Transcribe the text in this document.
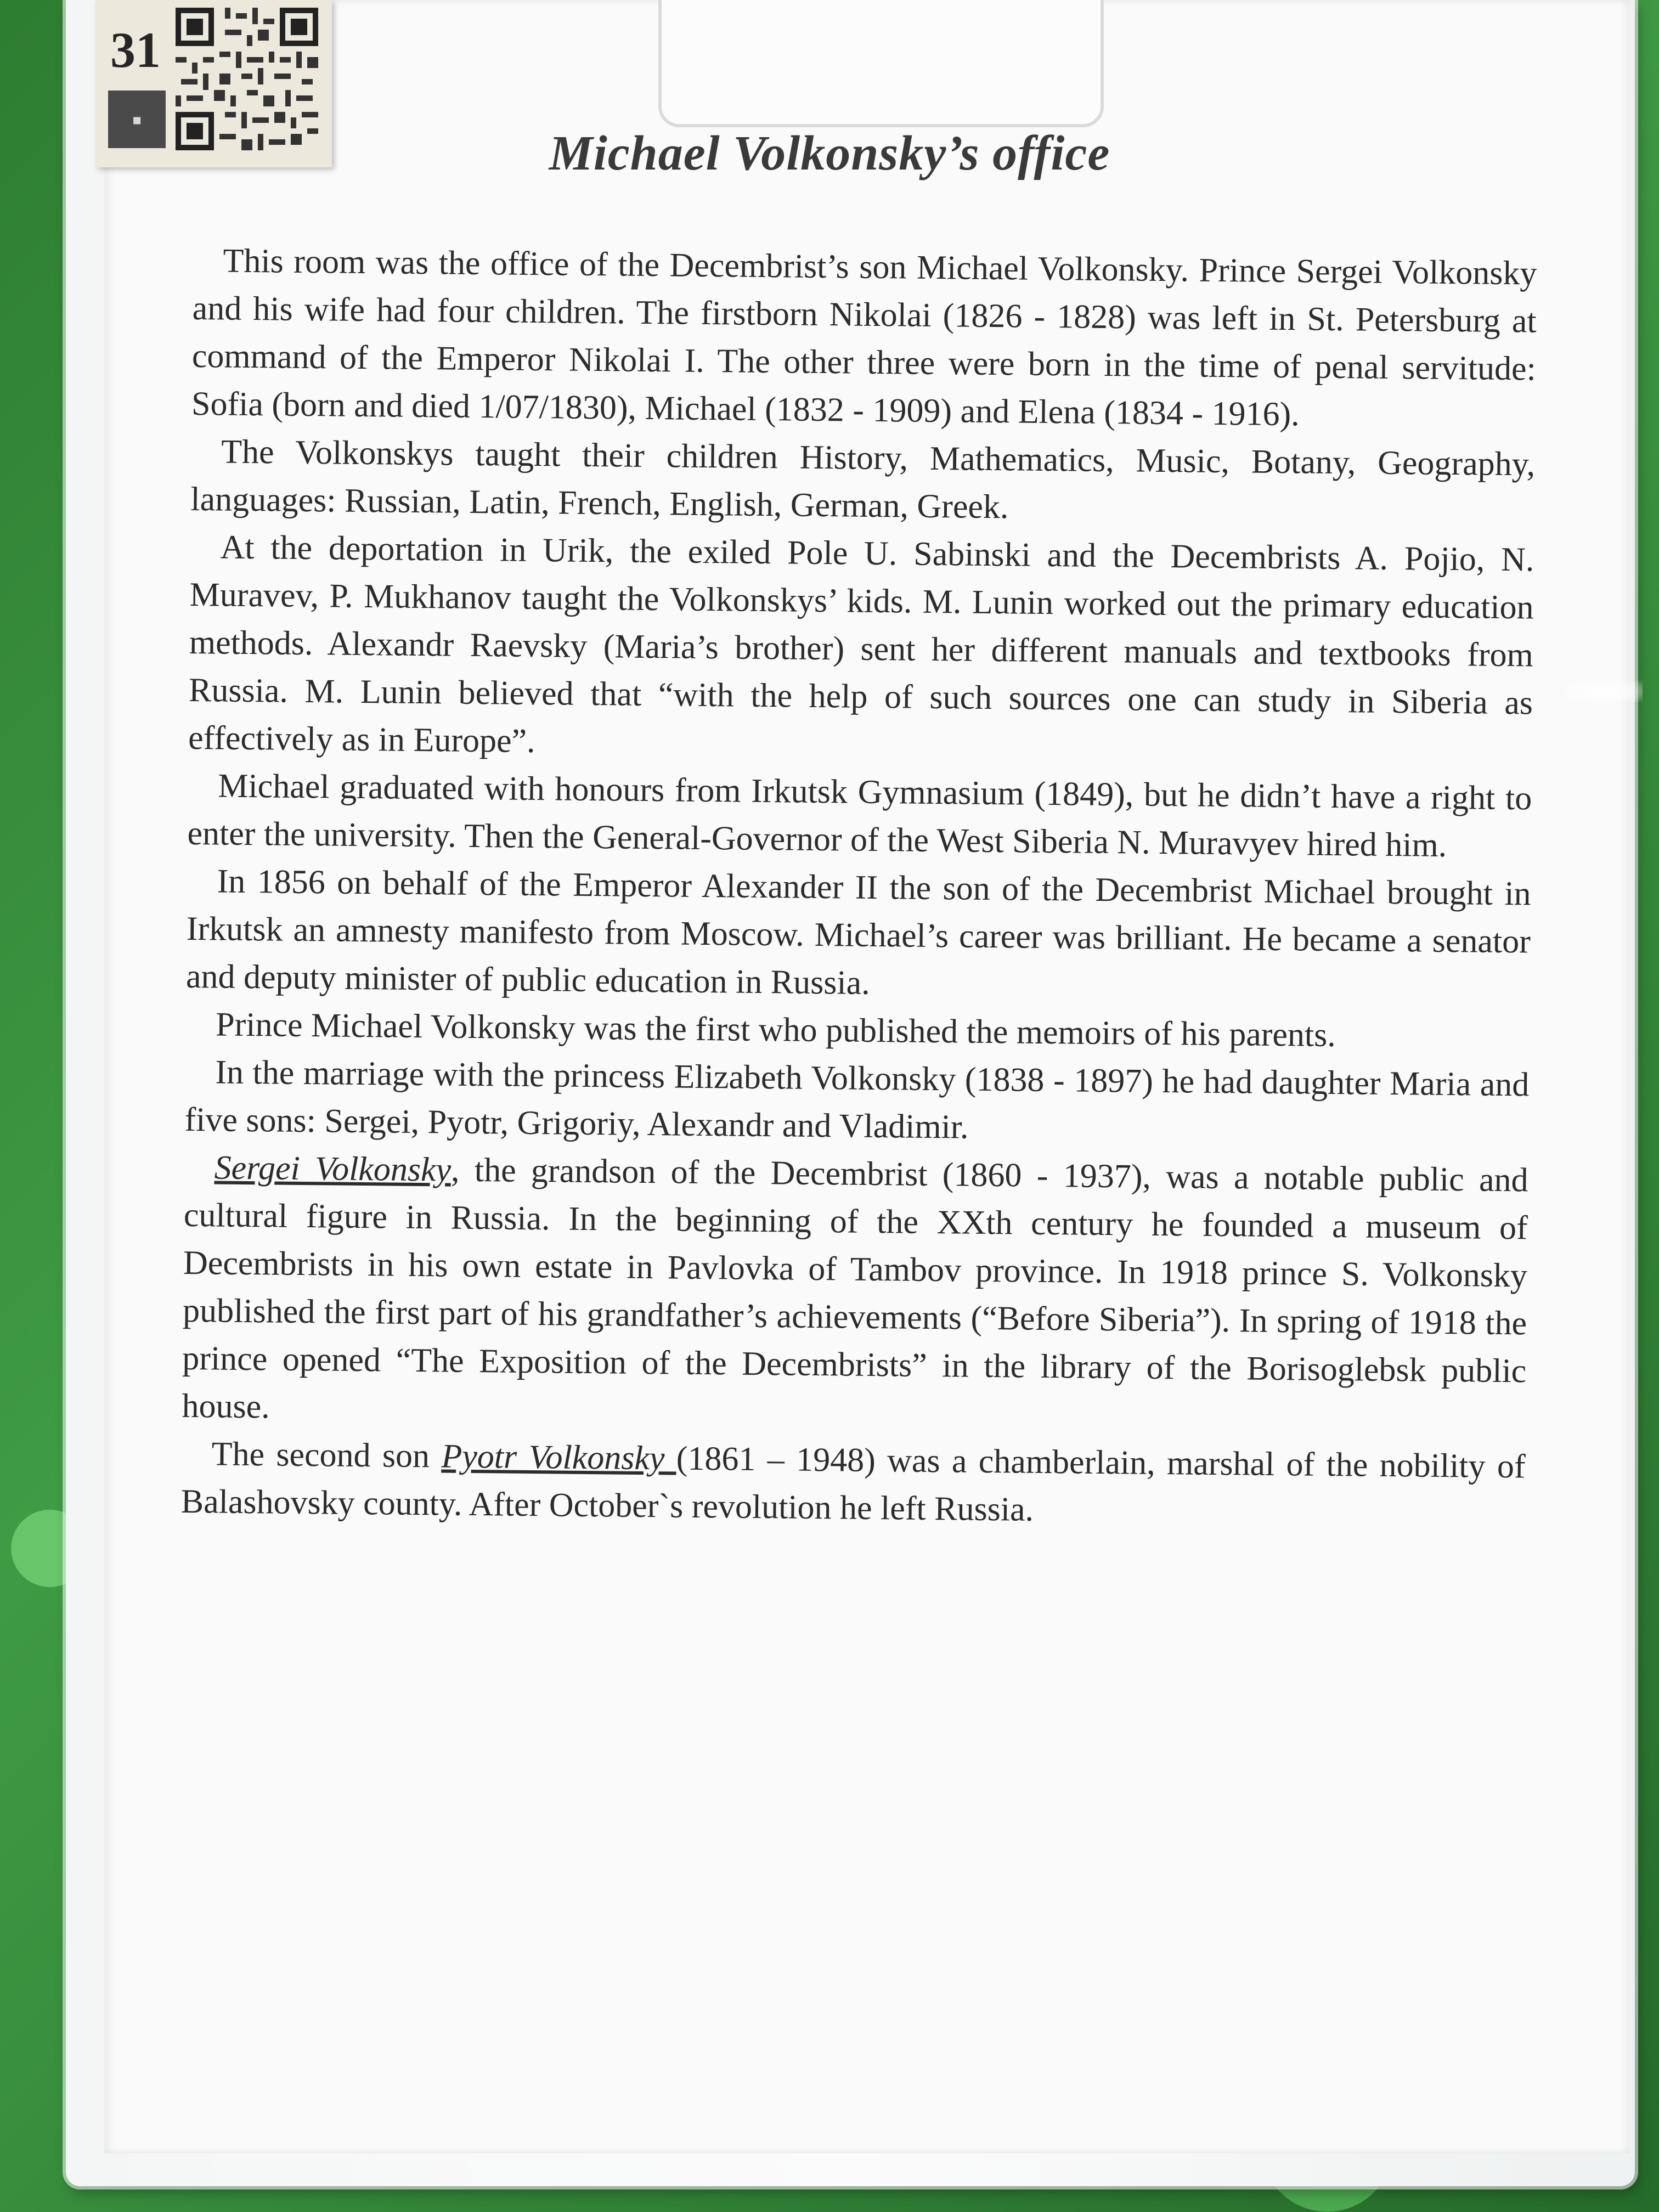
31
◼
Michael Volkonsky’s office

This room was the office of the Decembrist’s son Michael Volkonsky. Prince Sergei Volkonsky and his wife had four children. The firstborn Nikolai (1826 - 1828) was left in St. Petersburg at command of the Emperor Nikolai I. The other three were born in the time of penal servitude: Sofia (born and died 1/07/1830), Michael (1832 - 1909) and Elena (1834 - 1916).

The Volkonskys taught their children History, Mathematics, Music, Botany, Geography, languages: Russian, Latin, French, English, German, Greek.

At the deportation in Urik, the exiled Pole U. Sabinski and the Decembrists A. Pojio, N. Muravev, P. Mukhanov taught the Volkonskys’ kids. M. Lunin worked out the primary education methods. Alexandr Raevsky (Maria’s brother) sent her different manuals and textbooks from Russia. M. Lunin believed that “with the help of such sources one can study in Siberia as effectively as in Europe”.

Michael graduated with honours from Irkutsk Gymnasium (1849), but he didn’t have a right to enter the university. Then the General-Governor of the West Siberia N. Muravyev hired him.

In 1856 on behalf of the Emperor Alexander II the son of the Decembrist Michael brought in Irkutsk an amnesty manifesto from Moscow. Michael’s career was brilliant. He became a senator and deputy minister of public education in Russia.

Prince Michael Volkonsky was the first who published the memoirs of his parents.

In the marriage with the princess Elizabeth Volkonsky (1838 - 1897) he had daughter Maria and five sons: Sergei, Pyotr, Grigoriy, Alexandr and Vladimir.

Sergei Volkonsky, the grandson of the Decembrist (1860 - 1937), was a notable public and cultural figure in Russia. In the beginning of the XXth century he founded a museum of Decembrists in his own estate in Pavlovka of Tambov province. In 1918 prince S. Volkonsky published the first part of his grandfather’s achievements (“Before Siberia”). In spring of 1918 the prince opened “The Exposition of the Decembrists” in the library of the Borisoglebsk public house.

The second son Pyotr Volkonsky (1861 – 1948) was a chamberlain, marshal of the nobility of Balashovsky county. After October`s revolution he left Russia.
